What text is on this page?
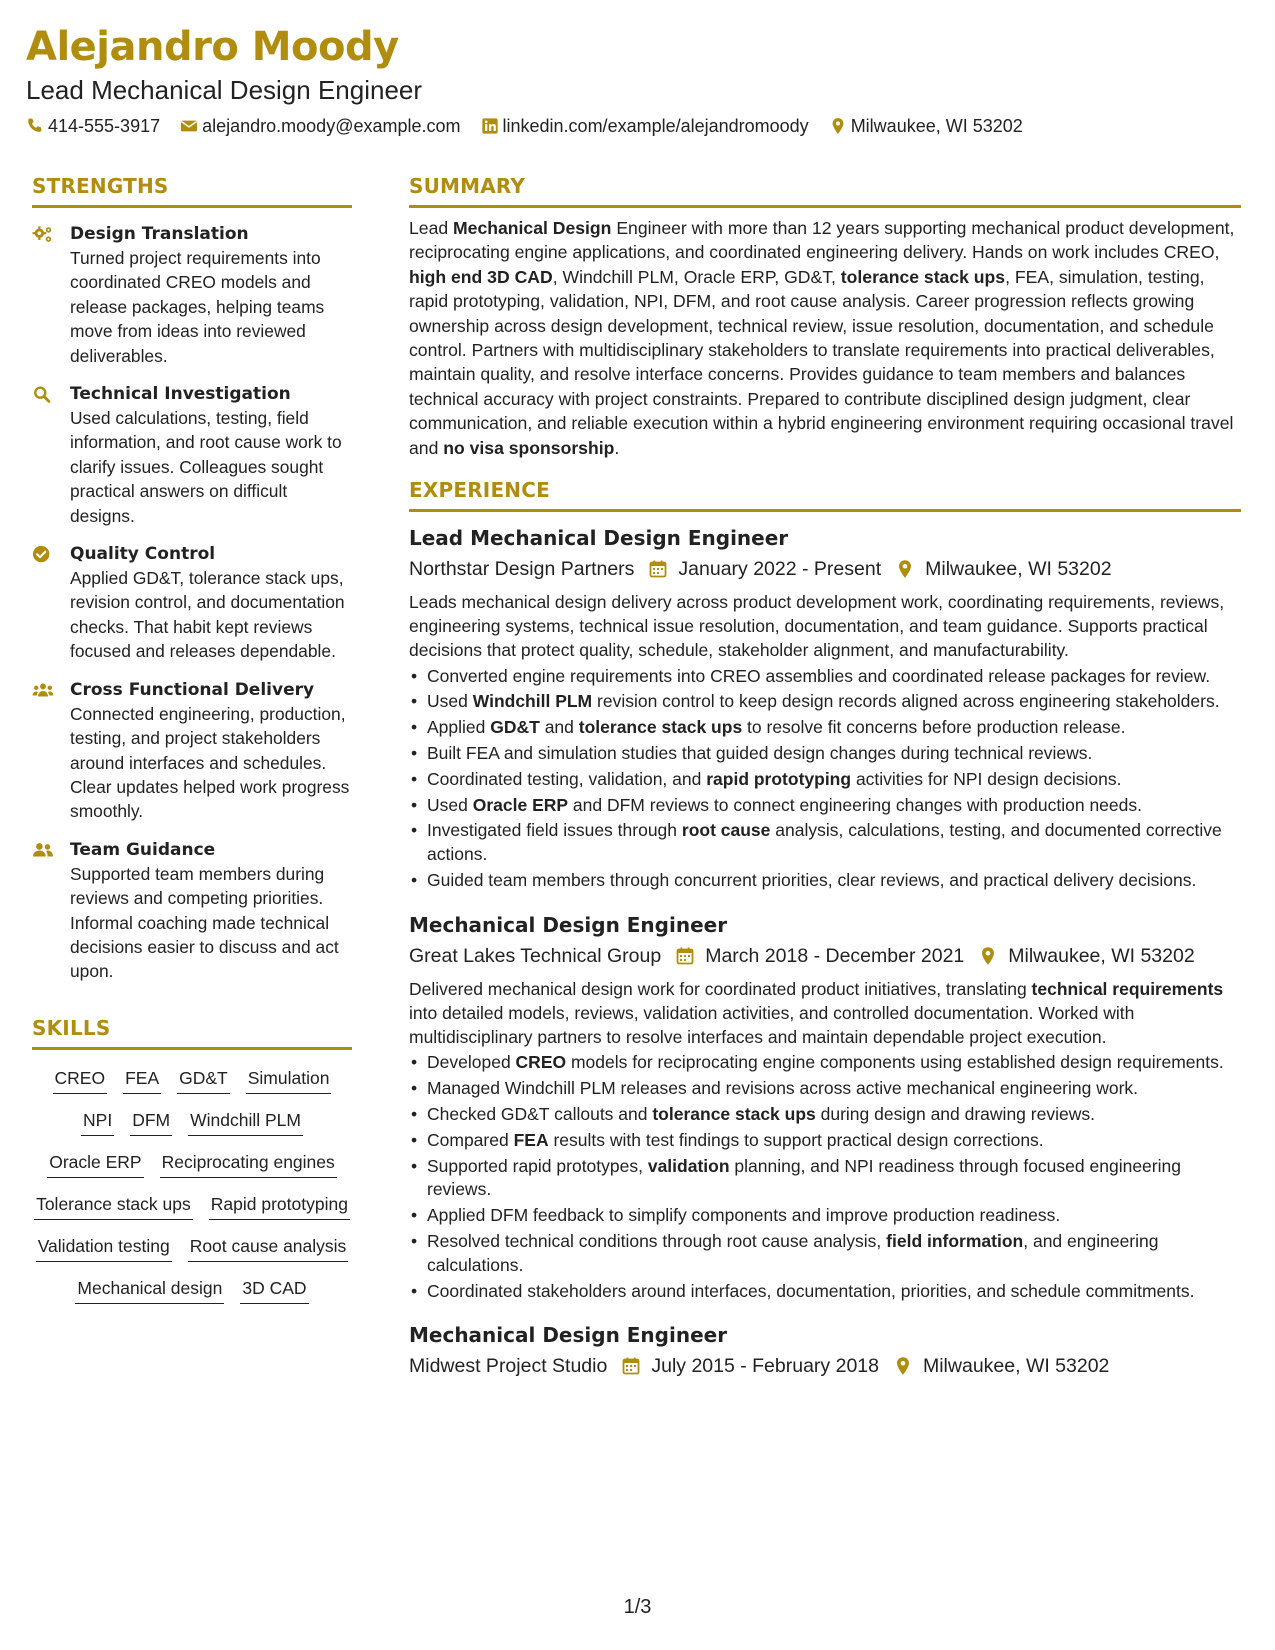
Alejandro Moody
Lead Mechanical Design Engineer
414-555-3917 alejandro.moody@example.com linkedin.com/example/alejandromoody Milwaukee, WI 53202
STRENGTHS
Design Translation
Turned project requirements into coordinated CREO models and release packages, helping teams move from ideas into reviewed deliverables.
Technical Investigation
Used calculations, testing, field information, and root cause work to clarify issues. Colleagues sought practical answers on difficult designs.
Quality Control
Applied GD&T, tolerance stack ups, revision control, and documentation checks. That habit kept reviews focused and releases dependable.
Cross Functional Delivery
Connected engineering, production, testing, and project stakeholders around interfaces and schedules. Clear updates helped work progress smoothly.
Team Guidance
Supported team members during reviews and competing priorities. Informal coaching made technical decisions easier to discuss and act upon.
SKILLS
CREO FEA GD&T Simulation
NPI DFM Windchill PLM
Oracle ERP Reciprocating engines
Tolerance stack ups Rapid prototyping
Validation testing Root cause analysis
Mechanical design 3D CAD
SUMMARY
Lead Mechanical Design Engineer with more than 12 years supporting mechanical product development, reciprocating engine applications, and coordinated engineering delivery. Hands on work includes CREO, high end 3D CAD, Windchill PLM, Oracle ERP, GD&T, tolerance stack ups, FEA, simulation, testing, rapid prototyping, validation, NPI, DFM, and root cause analysis. Career progression reflects growing ownership across design development, technical review, issue resolution, documentation, and schedule control. Partners with multidisciplinary stakeholders to translate requirements into practical deliverables, maintain quality, and resolve interface concerns. Provides guidance to team members and balances technical accuracy with project constraints. Prepared to contribute disciplined design judgment, clear communication, and reliable execution within a hybrid engineering environment requiring occasional travel and no visa sponsorship.
EXPERIENCE
Lead Mechanical Design Engineer
Northstar Design Partners January 2022 - Present Milwaukee, WI 53202
Leads mechanical design delivery across product development work, coordinating requirements, reviews, engineering systems, technical issue resolution, documentation, and team guidance. Supports practical decisions that protect quality, schedule, stakeholder alignment, and manufacturability.
• Converted engine requirements into CREO assemblies and coordinated release packages for review.
• Used Windchill PLM revision control to keep design records aligned across engineering stakeholders.
• Applied GD&T and tolerance stack ups to resolve fit concerns before production release.
• Built FEA and simulation studies that guided design changes during technical reviews.
• Coordinated testing, validation, and rapid prototyping activities for NPI design decisions.
• Used Oracle ERP and DFM reviews to connect engineering changes with production needs.
• Investigated field issues through root cause analysis, calculations, testing, and documented corrective actions.
• Guided team members through concurrent priorities, clear reviews, and practical delivery decisions.
Mechanical Design Engineer
Great Lakes Technical Group March 2018 - December 2021 Milwaukee, WI 53202
Delivered mechanical design work for coordinated product initiatives, translating technical requirements into detailed models, reviews, validation activities, and controlled documentation. Worked with multidisciplinary partners to resolve interfaces and maintain dependable project execution.
• Developed CREO models for reciprocating engine components using established design requirements.
• Managed Windchill PLM releases and revisions across active mechanical engineering work.
• Checked GD&T callouts and tolerance stack ups during design and drawing reviews.
• Compared FEA results with test findings to support practical design corrections.
• Supported rapid prototypes, validation planning, and NPI readiness through focused engineering reviews.
• Applied DFM feedback to simplify components and improve production readiness.
• Resolved technical conditions through root cause analysis, field information, and engineering calculations.
• Coordinated stakeholders around interfaces, documentation, priorities, and schedule commitments.
Mechanical Design Engineer
Midwest Project Studio July 2015 - February 2018 Milwaukee, WI 53202
1/3
